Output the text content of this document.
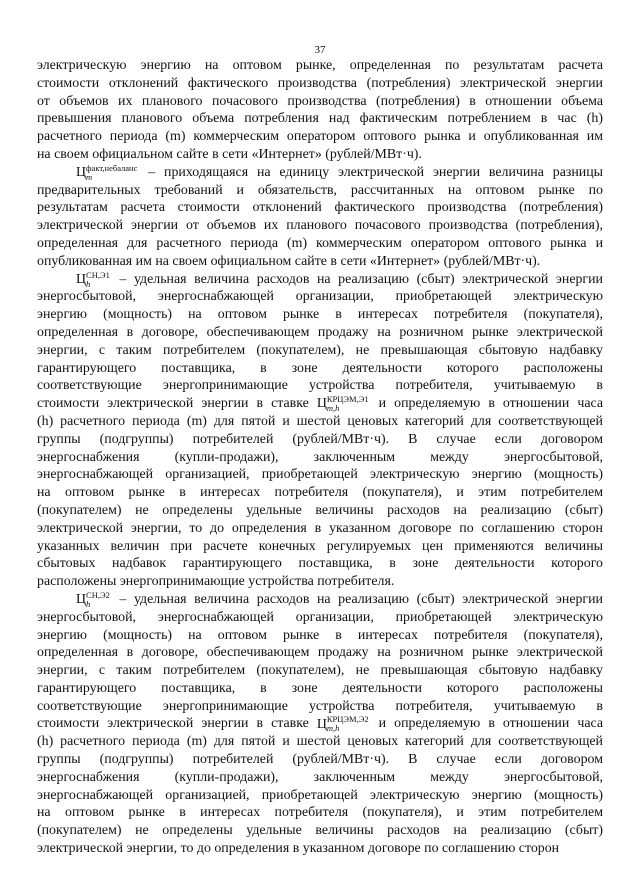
37
электрическую энергию на оптовом рынке, определенная по результатам расчета
стоимости отклонений фактического производства (потребления) электрической энергии
от объемов их планового почасового производства (потребления) в отношении объема
превышения планового объема потребления над фактическим потреблением в час (h)
расчетного периода (m) коммерческим оператором оптового рынка и опубликованная им
на своем официальном сайте в сети «Интернет» (рублей/МВт·ч).
Ц факт,небаланс
m	– приходящаяся на единицу электрической энергии величина разницы
предварительных требований и обязательств, рассчитанных на оптовом рынке по
результатам расчета стоимости отклонений фактического производства (потребления)
электрической энергии от объемов их планового почасового производства (потребления),
определенная для расчетного периода (m) коммерческим оператором оптового рынка и
опубликованная им на своем официальном сайте в сети «Интернет» (рублей/МВт·ч).
Ц СН,Э1
h	– удельная величина расходов на реализацию (сбыт) электрической энергии
энергосбытовой, энергоснабжающей организации, приобретающей электрическую
энергию (мощность) на оптовом рынке в интересах потребителя (покупателя),
определенная в договоре, обеспечивающем продажу на розничном рынке электрической
энергии, с таким потребителем (покупателем), не превышающая сбытовую надбавку
гарантирующего поставщика, в зоне деятельности которого расположены
соответствующие энергопринимающие устройства потребителя, учитываемую в
стоимости электрической энергии в ставке Ц КРЦЭМ,Э1
m,h	и определяемую в отношении часа
(h) расчетного периода (m) для пятой и шестой ценовых категорий для соответствующей
группы (подгруппы) потребителей (рублей/МВт·ч). В случае если договором
энергоснабжения (купли-продажи), заключенным между энергосбытовой,
энергоснабжающей организацией, приобретающей электрическую энергию (мощность)
на оптовом рынке в интересах потребителя (покупателя), и этим потребителем
(покупателем) не определены удельные величины расходов на реализацию (сбыт)
электрической энергии, то до определения в указанном договоре по соглашению сторон
указанных величин при расчете конечных регулируемых цен применяются величины
сбытовых надбавок гарантирующего поставщика, в зоне деятельности которого
расположены энергопринимающие устройства потребителя.
Ц СН,Э2
h	– удельная величина расходов на реализацию (сбыт) электрической энергии
энергосбытовой, энергоснабжающей организации, приобретающей электрическую
энергию (мощность) на оптовом рынке в интересах потребителя (покупателя),
определенная в договоре, обеспечивающем продажу на розничном рынке электрической
энергии, с таким потребителем (покупателем), не превышающая сбытовую надбавку
гарантирующего поставщика, в зоне деятельности которого расположены
соответствующие энергопринимающие устройства потребителя, учитываемую в
стоимости электрической энергии в ставке Ц КРЦЭМ,Э2
m,h	и определяемую в отношении часа
(h) расчетного периода (m) для пятой и шестой ценовых категорий для соответствующей
группы (подгруппы) потребителей (рублей/МВт·ч). В случае если договором
энергоснабжения (купли-продажи), заключенным между энергосбытовой,
энергоснабжающей организацией, приобретающей электрическую энергию (мощность)
на оптовом рынке в интересах потребителя (покупателя), и этим потребителем
(покупателем) не определены удельные величины расходов на реализацию (сбыт)
электрической энергии, то до определения в указанном договоре по соглашению сторон
